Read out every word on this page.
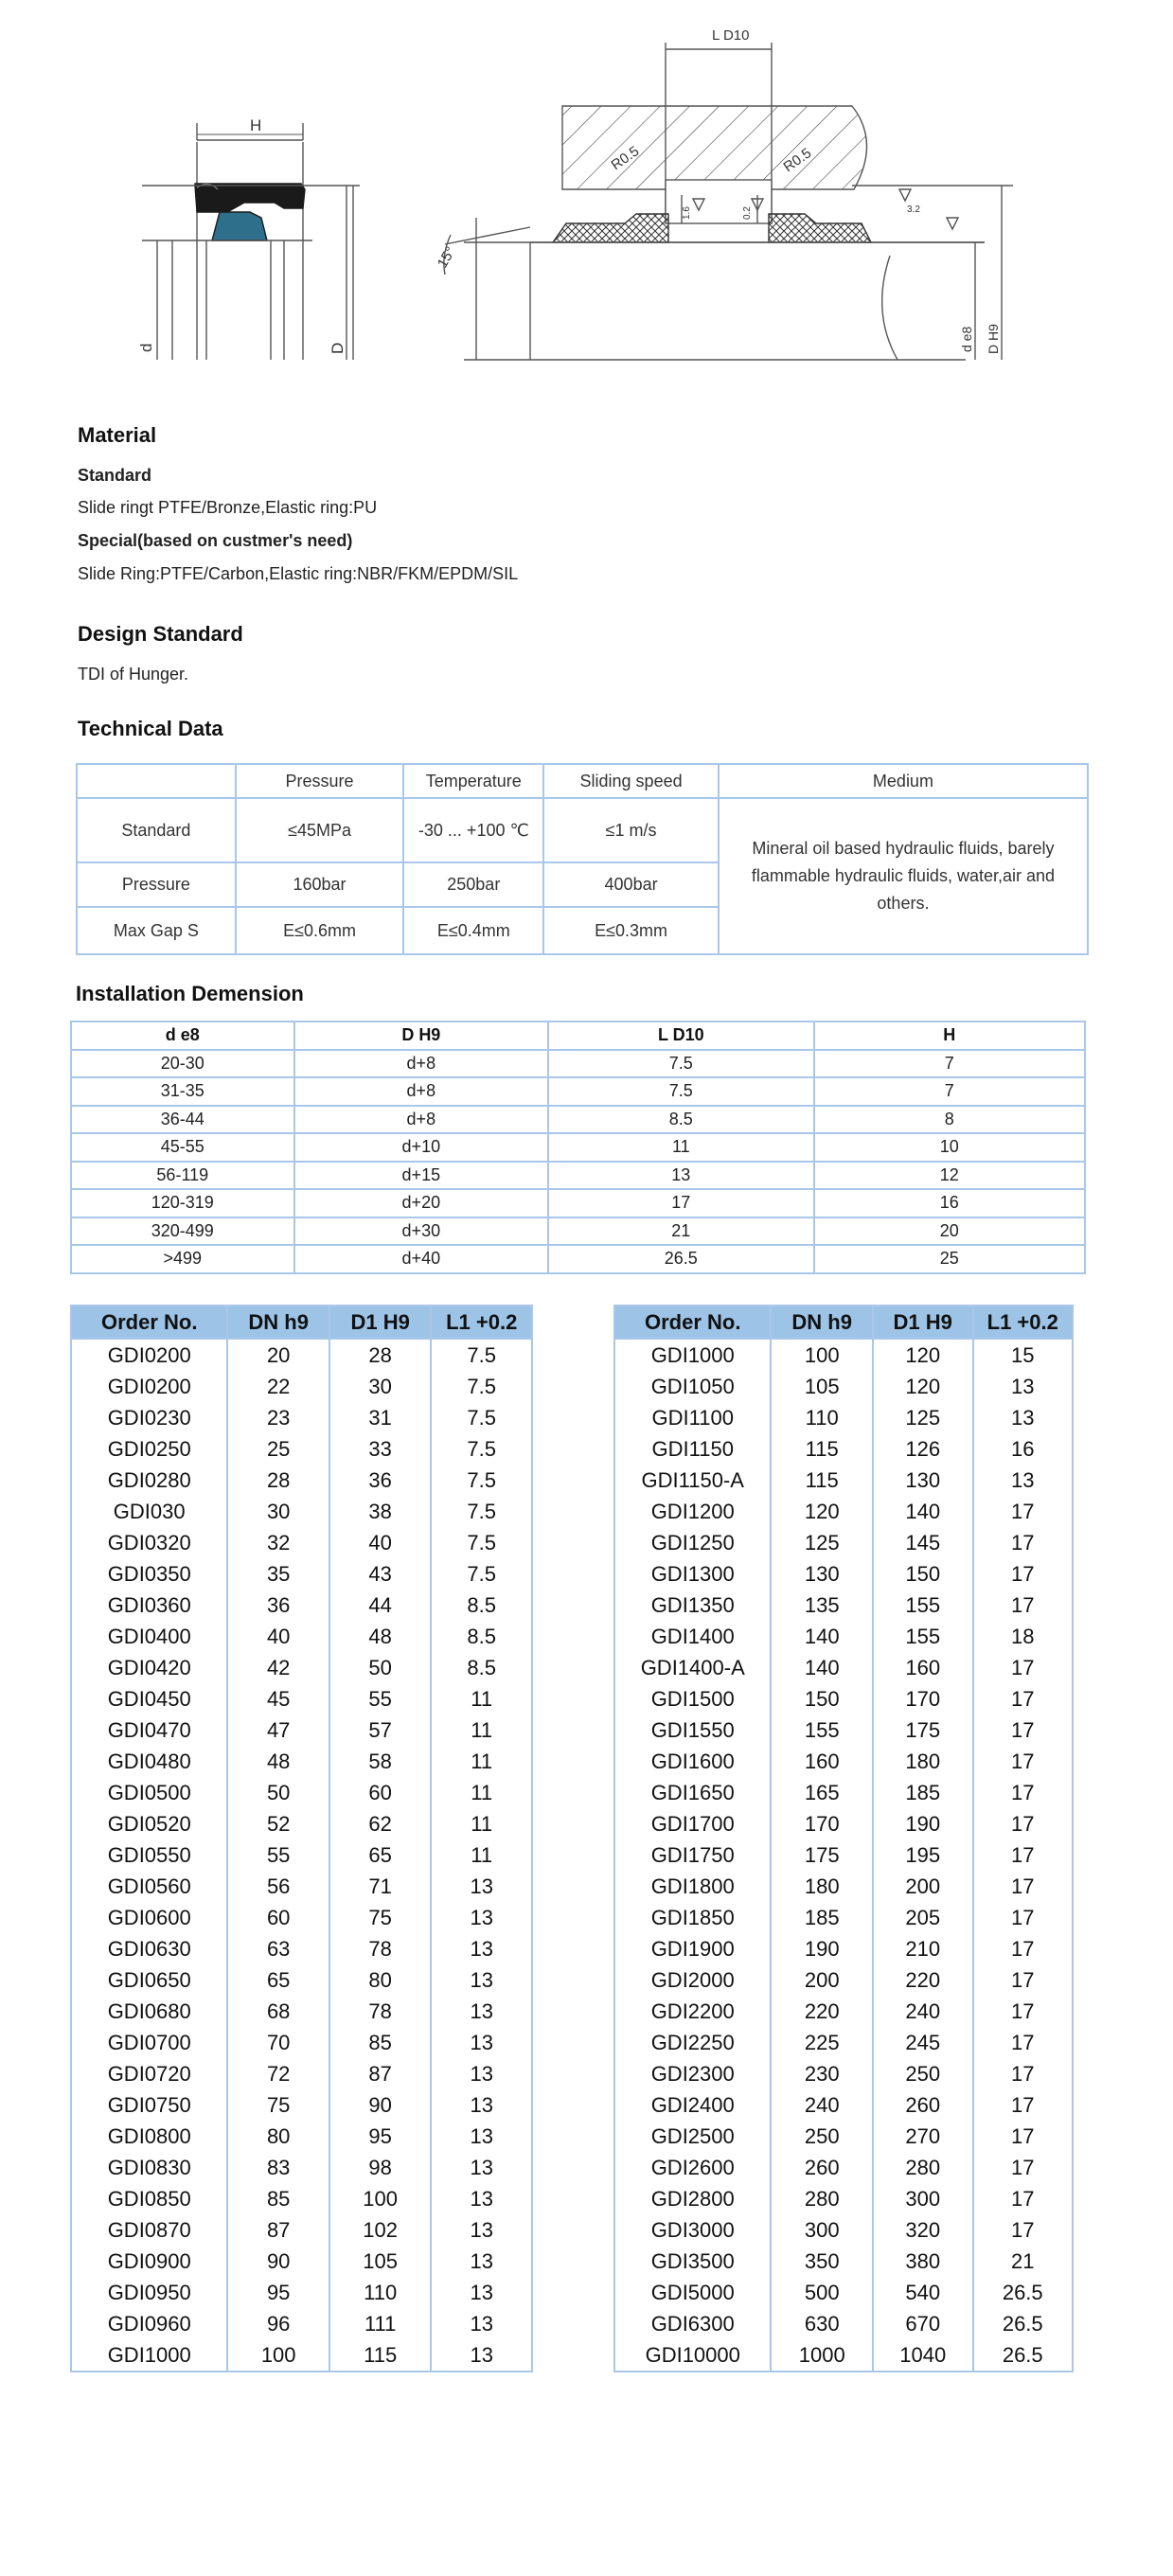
H
d	D
L D10
R0.5	R0.5
15°
d e8 D H9
1.6	0.2	3.2
Material

Standard

Slide ringt PTFE/Bronze,Elastic ring:PU

Special(based on custmer's need)

Slide Ring:PTFE/Carbon,Elastic ring:NBR/FKM/EPDM/SIL

Design Standard

TDI of Hunger.

Technical Data
	Pressure	Temperature	Sliding speed	Medium
Standard	≤45MPa	-30 ... +100 ℃	≤1 m/s	Mineral oil based hydraulic fluids, barely flammable hydraulic fluids, water,air and others.
Pressure	160bar	250bar	400bar	
Max Gap S	E≤0.6mm	E≤0.4mm	E≤0.3mm	
Installation Demension
d e8	D H9	L D10	H
20-30	d+8	7.5	7
31-35	d+8	7.5	7
36-44	d+8	8.5	8
45-55	d+10	11	10
56-119	d+15	13	12
120-319	d+20	17	16
320-499	d+30	21	20
>499	d+40	26.5	25
Order No.	DN h9	D1 H9	L1 +0.2
GDI0200	20	28	7.5
GDI0200	22	30	7.5
GDI0230	23	31	7.5
GDI0250	25	33	7.5
GDI0280	28	36	7.5
GDI030	30	38	7.5
GDI0320	32	40	7.5
GDI0350	35	43	7.5
GDI0360	36	44	8.5
GDI0400	40	48	8.5
GDI0420	42	50	8.5
GDI0450	45	55	11
GDI0470	47	57	11
GDI0480	48	58	11
GDI0500	50	60	11
GDI0520	52	62	11
GDI0550	55	65	11
GDI0560	56	71	13
GDI0600	60	75	13
GDI0630	63	78	13
GDI0650	65	80	13
GDI0680	68	78	13
GDI0700	70	85	13
GDI0720	72	87	13
GDI0750	75	90	13
GDI0800	80	95	13
GDI0830	83	98	13
GDI0850	85	100	13
GDI0870	87	102	13
GDI0900	90	105	13
GDI0950	95	110	13
GDI0960	96	111	13
GDI1000	100	115	13
Order No.	DN h9	D1 H9	L1 +0.2
GDI1000	100	120	15
GDI1050	105	120	13
GDI1100	110	125	13
GDI1150	115	126	16
GDI1150-A	115	130	13
GDI1200	120	140	17
GDI1250	125	145	17
GDI1300	130	150	17
GDI1350	135	155	17
GDI1400	140	155	18
GDI1400-A	140	160	17
GDI1500	150	170	17
GDI1550	155	175	17
GDI1600	160	180	17
GDI1650	165	185	17
GDI1700	170	190	17
GDI1750	175	195	17
GDI1800	180	200	17
GDI1850	185	205	17
GDI1900	190	210	17
GDI2000	200	220	17
GDI2200	220	240	17
GDI2250	225	245	17
GDI2300	230	250	17
GDI2400	240	260	17
GDI2500	250	270	17
GDI2600	260	280	17
GDI2800	280	300	17
GDI3000	300	320	17
GDI3500	350	380	21
GDI5000	500	540	26.5
GDI6300	630	670	26.5
GDI10000	1000	1040	26.5
